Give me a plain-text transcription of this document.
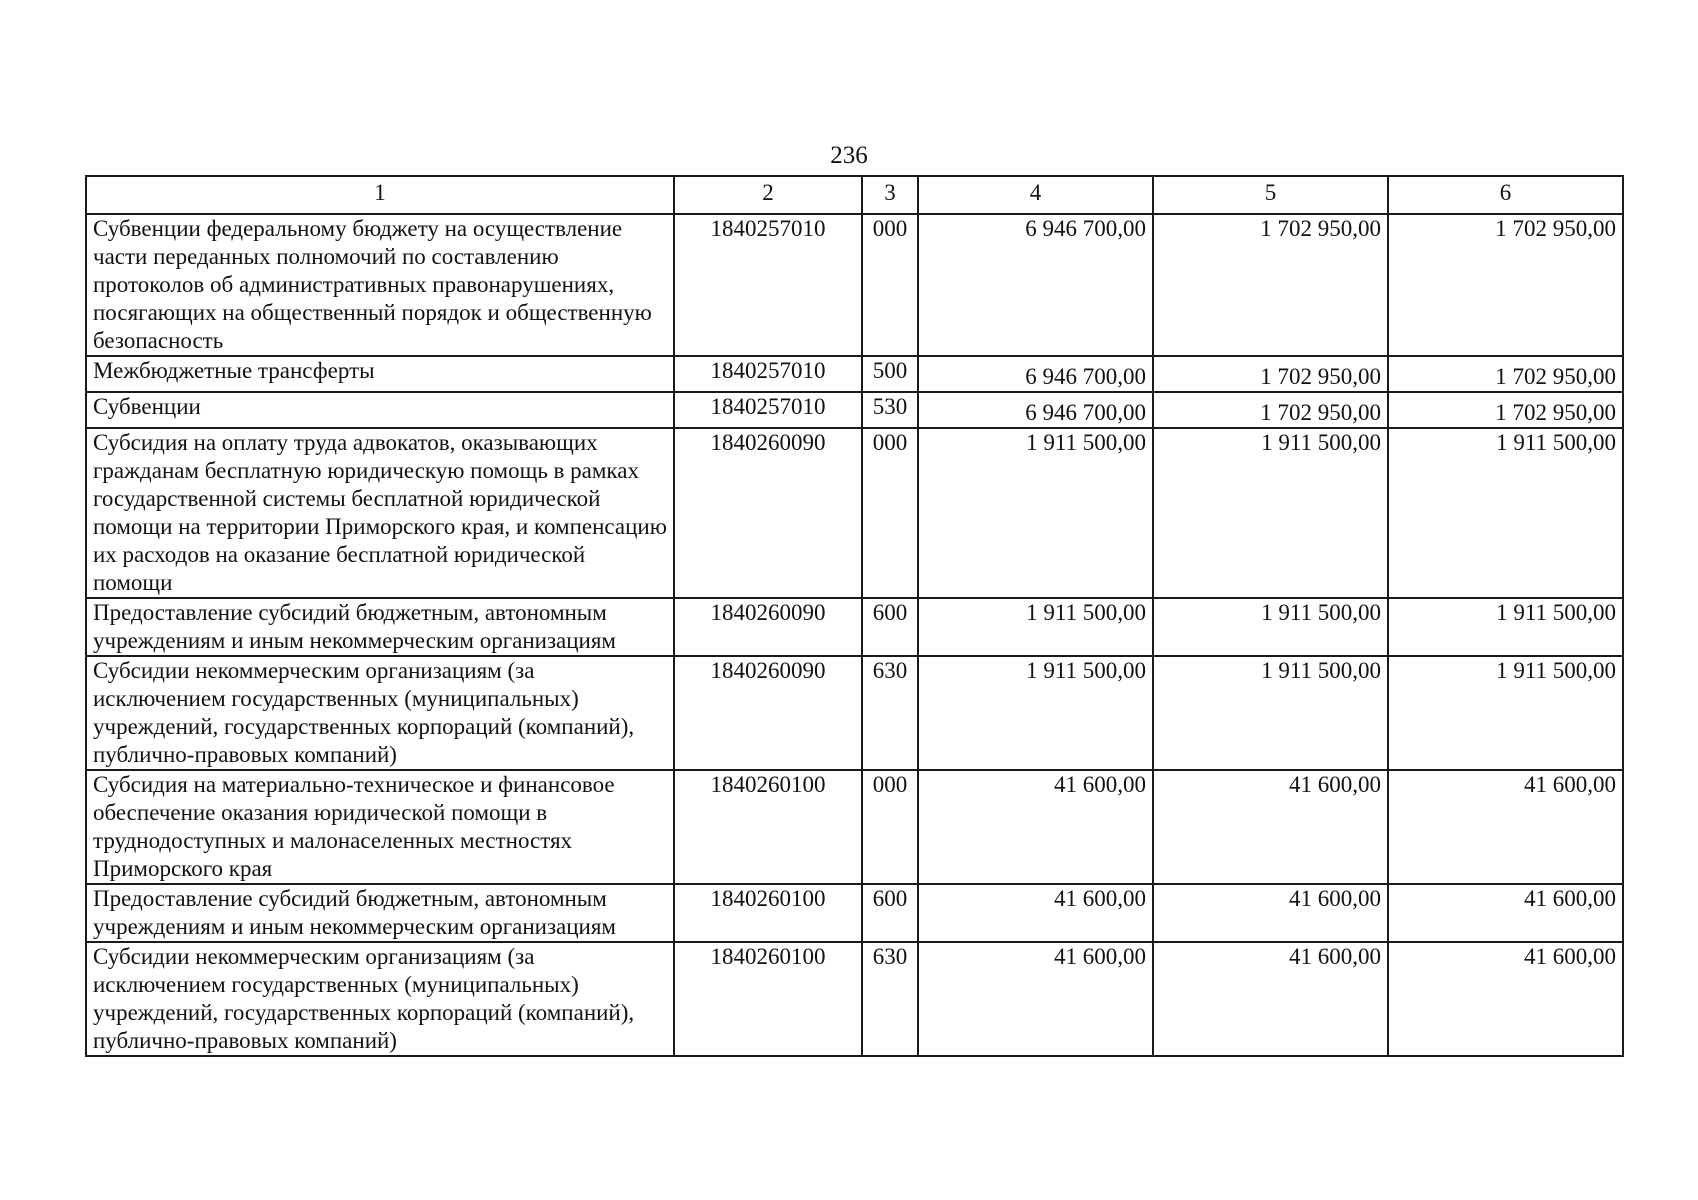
236
1	2	3	4	5	6
Субвенции федеральному бюджету на осуществление части переданных полномочий по составлению протоколов об административных правонарушениях, посягающих на общественный порядок и общественную безопасность	1840257010	000	6 946 700,00	1 702 950,00	1 702 950,00
Межбюджетные трансферты	1840257010	500	6 946 700,00	1 702 950,00	1 702 950,00
Субвенции	1840257010	530	6 946 700,00	1 702 950,00	1 702 950,00
Субсидия на оплату труда адвокатов, оказывающих гражданам бесплатную юридическую помощь в рамках государственной системы бесплатной юридической помощи на территории Приморского края, и компенсацию их расходов на оказание бесплатной юридической помощи	1840260090	000	1 911 500,00	1 911 500,00	1 911 500,00
Предоставление субсидий бюджетным, автономным учреждениям и иным некоммерческим организациям	1840260090	600	1 911 500,00	1 911 500,00	1 911 500,00
Субсидии некоммерческим организациям (за исключением государственных (муниципальных) учреждений, государственных корпораций (компаний), публично-правовых компаний)	1840260090	630	1 911 500,00	1 911 500,00	1 911 500,00
Субсидия на материально-техническое и финансовое обеспечение оказания юридической помощи в труднодоступных и малонаселенных местностях Приморского края	1840260100	000	41 600,00	41 600,00	41 600,00
Предоставление субсидий бюджетным, автономным учреждениям и иным некоммерческим организациям	1840260100	600	41 600,00	41 600,00	41 600,00
Субсидии некоммерческим организациям (за исключением государственных (муниципальных) учреждений, государственных корпораций (компаний), публично-правовых компаний)	1840260100	630	41 600,00	41 600,00	41 600,00
